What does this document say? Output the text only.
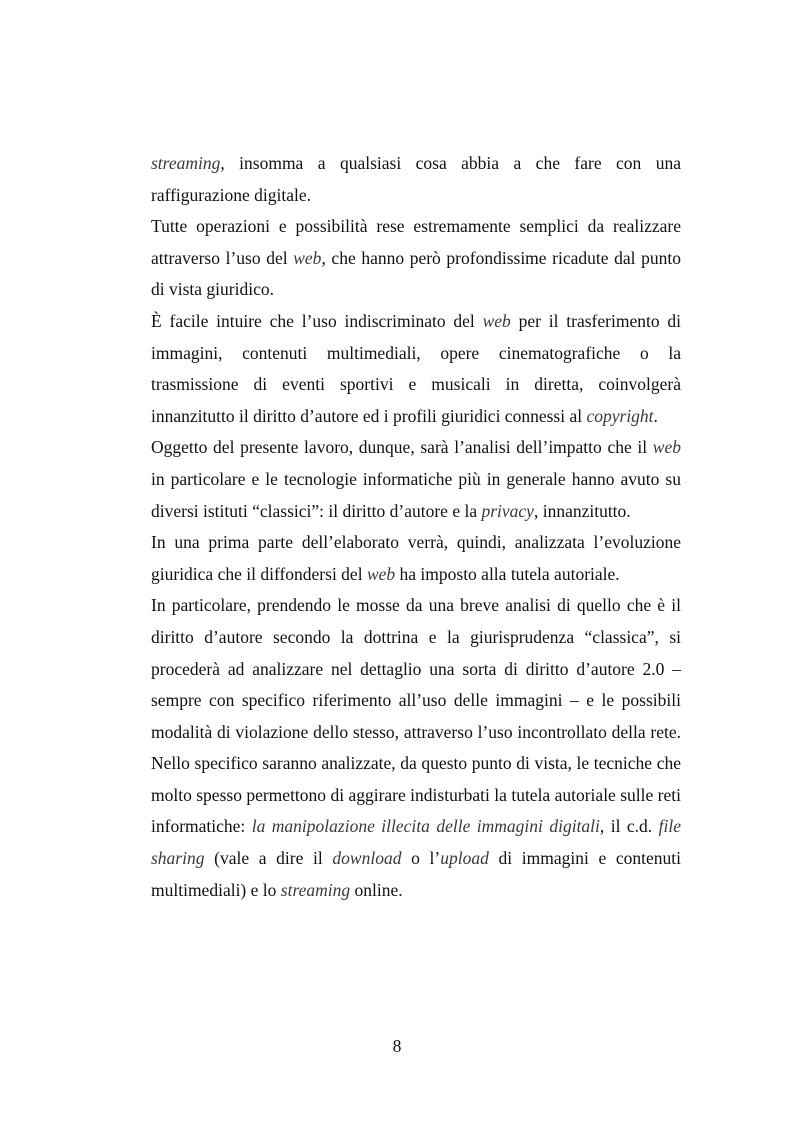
streaming, insomma a qualsiasi cosa abbia a che fare con una raffigurazione digitale.

Tutte operazioni e possibilità rese estremamente semplici da realizzare attraverso l’uso del web, che hanno però profondissime ricadute dal punto di vista giuridico.

È facile intuire che l’uso indiscriminato del web per il trasferimento di immagini, contenuti multimediali, opere cinematografiche o la trasmissione di eventi sportivi e musicali in diretta, coinvolgerà innanzitutto il diritto d’autore ed i profili giuridici connessi al copyright.

Oggetto del presente lavoro, dunque, sarà l’analisi dell’impatto che il web in particolare e le tecnologie informatiche più in generale hanno avuto su diversi istituti “classici”: il diritto d’autore e la privacy, innanzitutto.

In una prima parte dell’elaborato verrà, quindi, analizzata l’evoluzione giuridica che il diffondersi del web ha imposto alla tutela autoriale.

In particolare, prendendo le mosse da una breve analisi di quello che è il diritto d’autore secondo la dottrina e la giurisprudenza “classica”, si procederà ad analizzare nel dettaglio una sorta di diritto d’autore 2.0 – sempre con specifico riferimento all’uso delle immagini – e le possibili modalità di violazione dello stesso, attraverso l’uso incontrollato della rete. Nello specifico saranno analizzate, da questo punto di vista, le tecniche che molto spesso permettono di aggirare indisturbati la tutela autoriale sulle reti informatiche: la manipolazione illecita delle immagini digitali, il c.d. file sharing (vale a dire il download o l’upload di immagini e contenuti multimediali) e lo streaming online.

8
